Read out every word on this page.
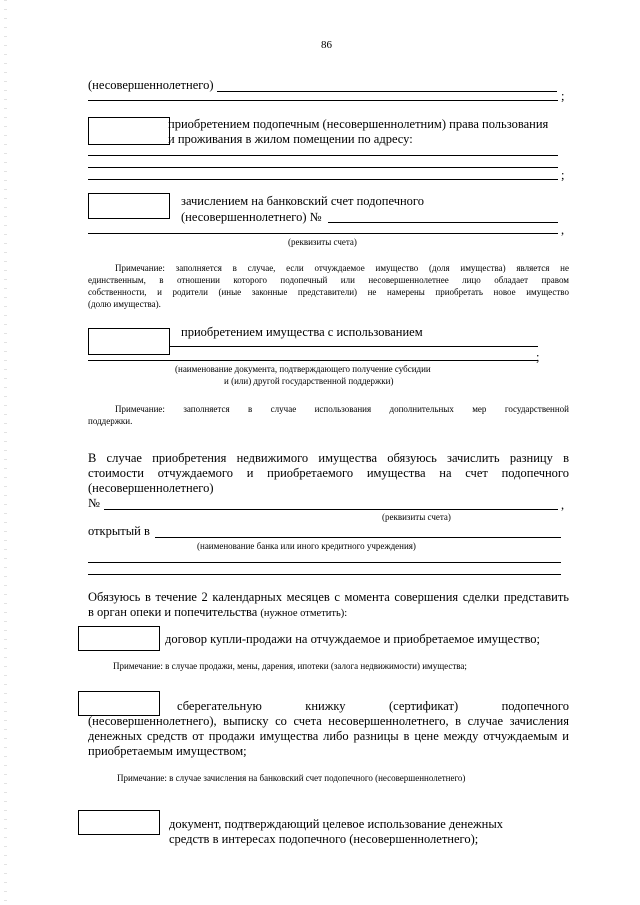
86
(несовершеннолетнего)
;
приобретением подопечным (несовершеннолетним) права пользования
и проживания в жилом помещении по адресу:
;
зачислением на банковский счет подопечного
(несовершеннолетнего) №
,
(реквизиты счета)
Примечание: заполняется в случае, если отчуждаемое имущество (доля имущества) является не
единственным, в отношении которого подопечный или несовершеннолетнее лицо обладает правом
собственности, и родители (иные законные представители) не намерены приобретать новое имущество
(долю имущества).
приобретением имущества с использованием
;
(наименование документа, подтверждающего получение субсидии
и (или) другой государственной поддержки)
Примечание: заполняется в случае использования дополнительных мер государственной
поддержки.
В случае приобретения недвижимого имущества обязуюсь зачислить разницу в
стоимости отчуждаемого и приобретаемого имущества на счет подопечного
(несовершеннолетнего)
№	,
(реквизиты счета)
открытый в
(наименование банка или иного кредитного учреждения)
Обязуюсь в течение 2 календарных месяцев с момента совершения сделки представить
в орган опеки и попечительства (нужное отметить):
договор купли-продажи на отчуждаемое и приобретаемое имущество;
Примечание: в случае продажи, мены, дарения, ипотеки (залога недвижимости) имущества;
сберегательную книжку (сертификат) подопечного
(несовершеннолетнего), выписку со счета несовершеннолетнего, в случае зачисления
денежных средств от продажи имущества либо разницы в цене между отчуждаемым и
приобретаемым имуществом;
Примечание: в случае зачисления на банковский счет подопечного (несовершеннолетнего)
документ, подтверждающий целевое использование денежных
средств в интересах подопечного (несовершеннолетнего);
